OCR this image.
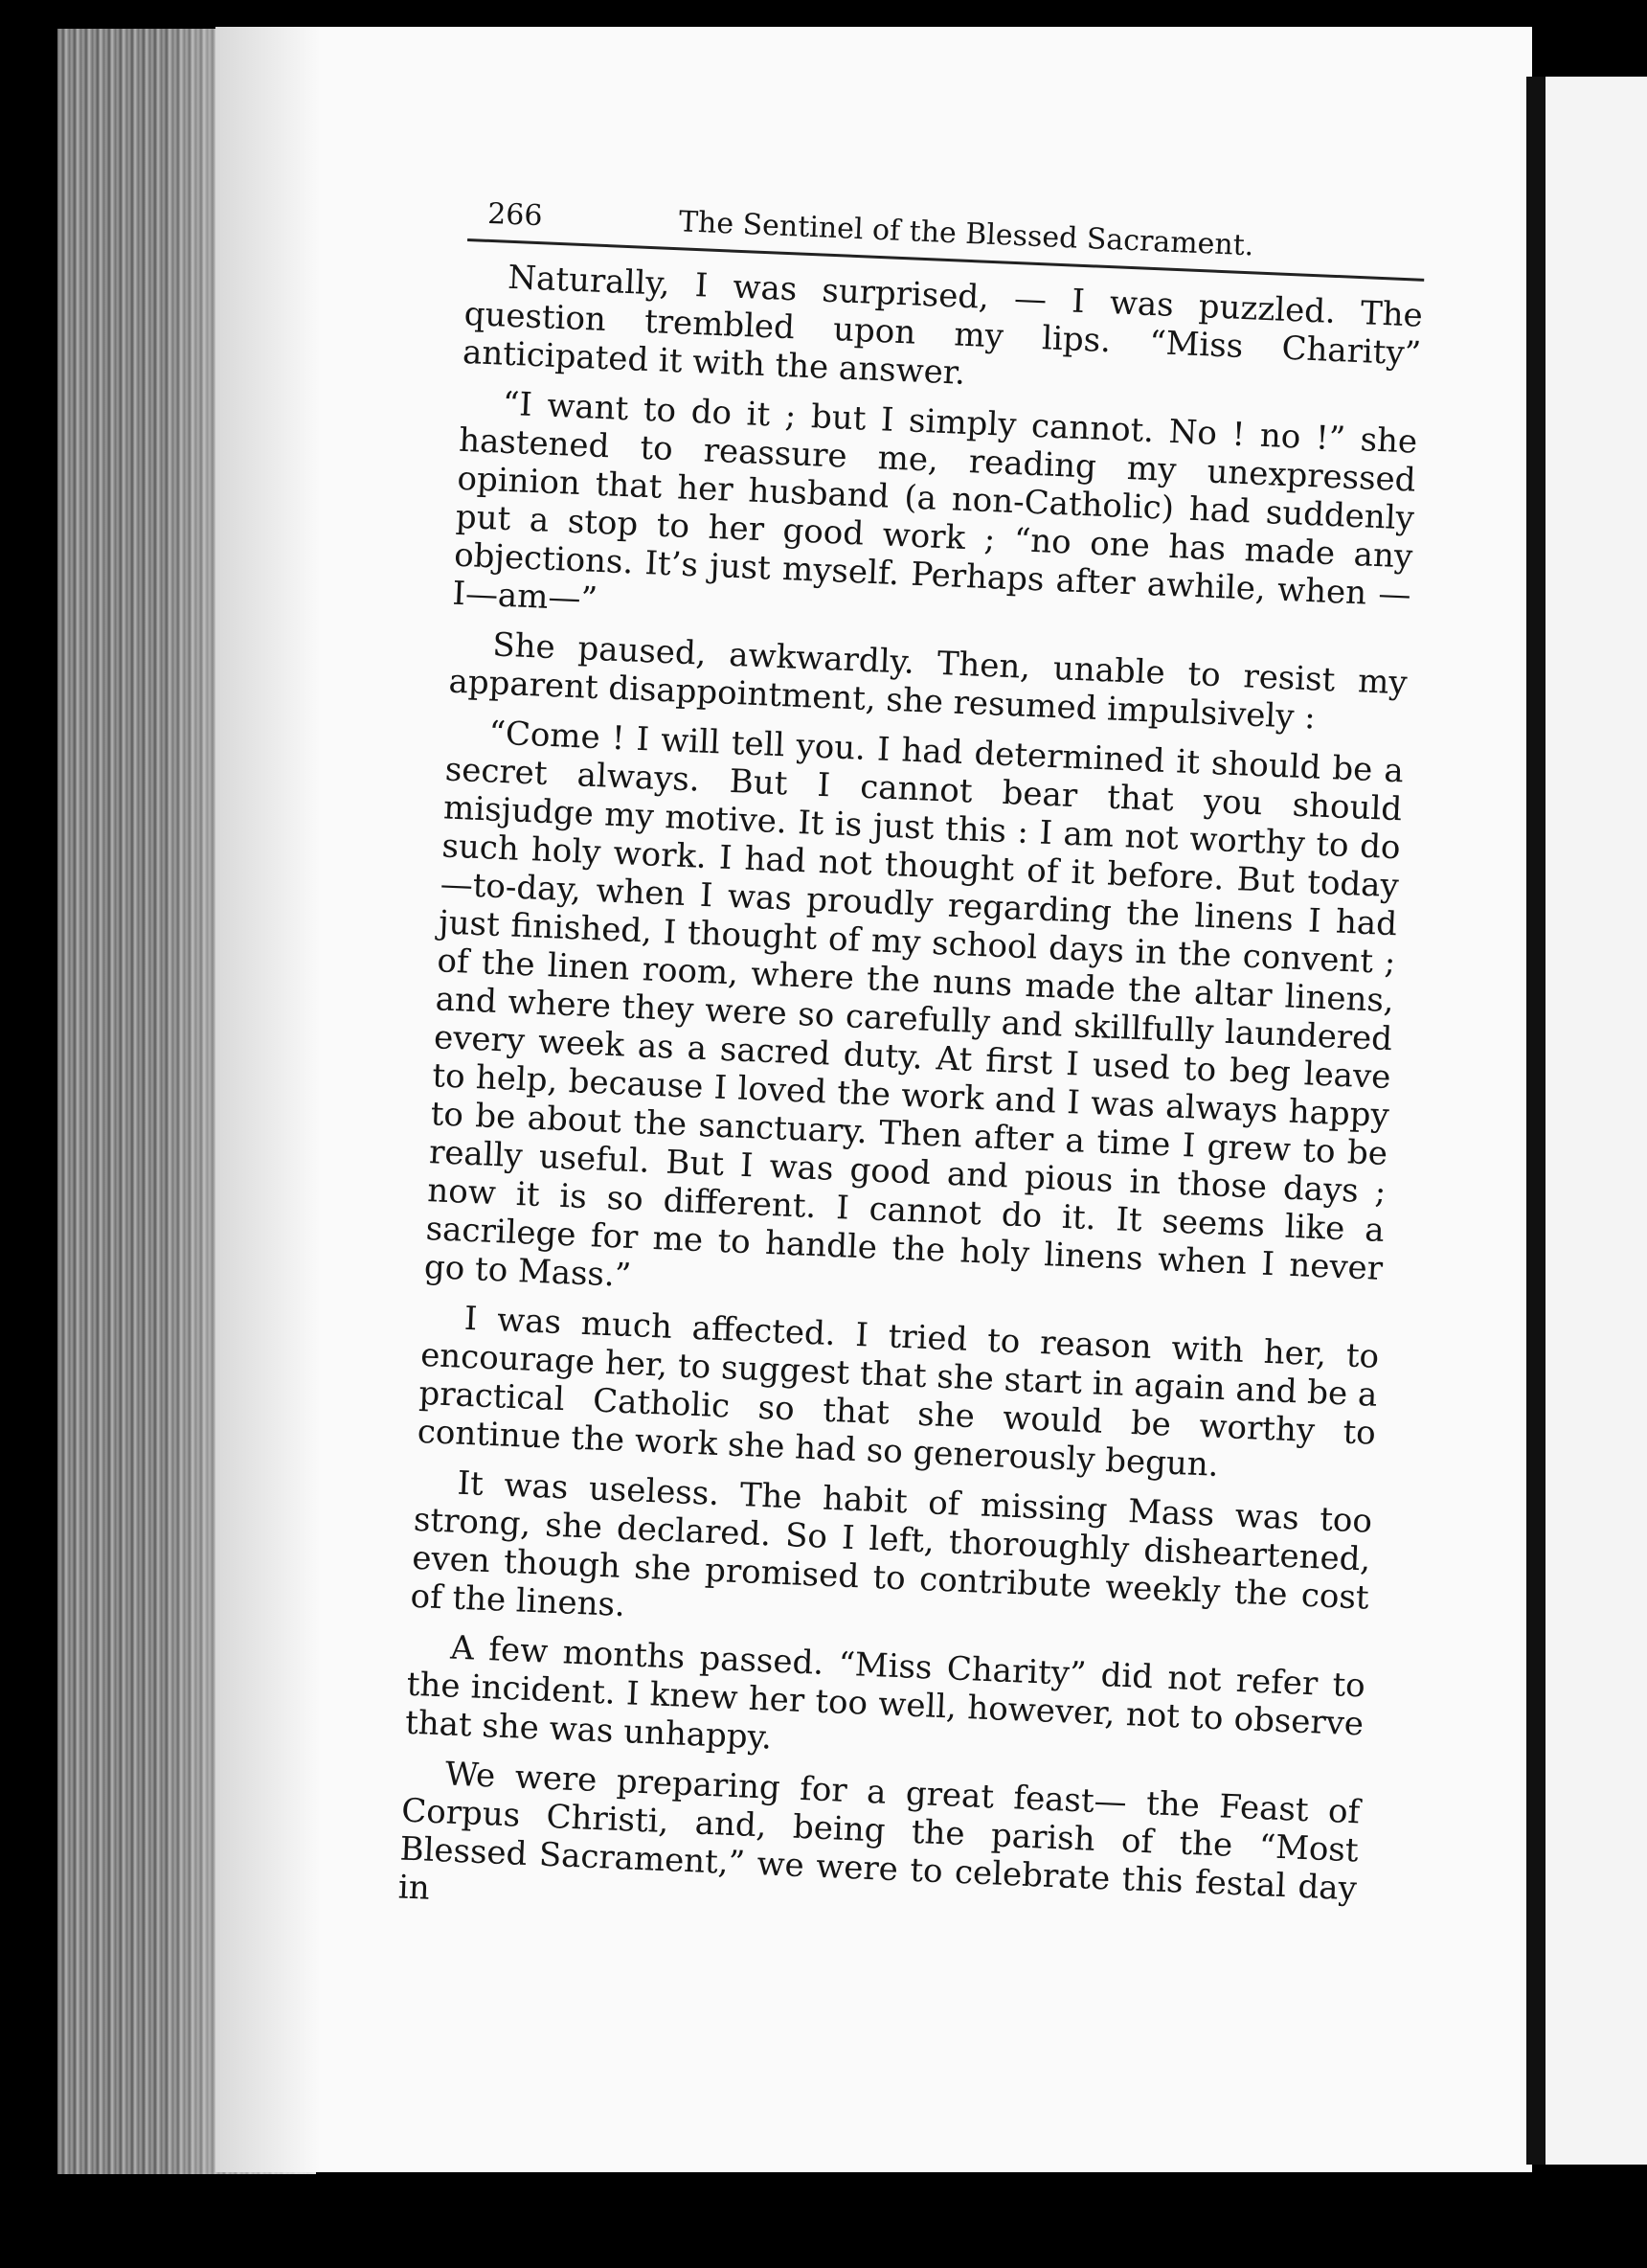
266	The Sentinel of the Blessed Sacrament.

Naturally, I was surprised, — I was puzzled. The question trembled upon my lips. “Miss Charity” anticipated it with the answer.

“I want to do it ; but I simply cannot. No ! no !” she hastened to reassure me, reading my unexpressed opinion that her husband (a non-Catholic) had suddenly put a stop to her good work ; “no one has made any objections. It’s just myself. Perhaps after awhile, when —I—am—”

She paused, awkwardly. Then, unable to resist my apparent disappointment, she resumed impulsively :

“Come ! I will tell you. I had determined it should be a secret always. But I cannot bear that you should misjudge my motive. It is just this : I am not worthy to do such holy work. I had not thought of it before. But today—to-day, when I was proudly regarding the linens I had just finished, I thought of my school days in the convent ; of the linen room, where the nuns made the altar linens, and where they were so carefully and skillfully laundered every week as a sacred duty. At first I used to beg leave to help, because I loved the work and I was always happy to be about the sanctuary. Then after a time I grew to be really useful. But I was good and pious in those days ; now it is so different. I cannot do it. It seems like a sacrilege for me to handle the holy linens when I never go to Mass.”

I was much affected. I tried to reason with her, to encourage her, to suggest that she start in again and be a practical Catholic so that she would be worthy to continue the work she had so generously begun.

It was useless. The habit of missing Mass was too strong, she declared. So I left, thoroughly disheartened, even though she promised to contribute weekly the cost of the linens.

A few months passed. “Miss Charity” did not refer to the incident. I knew her too well, however, not to observe that she was unhappy.

We were preparing for a great feast— the Feast of Corpus Christi, and, being the parish of the “Most Blessed Sacrament,” we were to celebrate this festal day in
